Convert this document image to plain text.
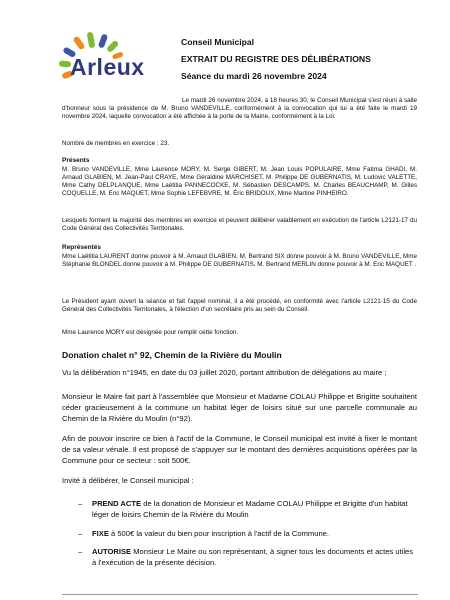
Arleux
Conseil Municipal
EXTRAIT DU REGISTRE DES DÉLIBÉRATIONS
Séance du mardi 26 novembre 2024
Le mardi 26 novembre 2024, à 18 heures 30, le Conseil Municipal s'est réuni à salle d'honneur sous la présidence de M. Bruno VANDEVILLE, conformément à la convocation qui lui a été faite le mardi 19 novembre 2024, laquelle convocation a été affichée à la porte de la Mairie, conformément à la Loi.
Nombre de membres en exercice : 23.
Présents
M. Bruno VANDEVILLE, Mme Laurence MORY, M. Serge GIBERT, M. Jean Louis POPULAIRE, Mme Fatima GHADI, M. Arnaud GLABIEN, M. Jean-Paul CRAYE, Mme Géraldine MARCHISET, M. Philippe DE GUBERNATIS, M. Ludovic VALETTE, Mme Cathy DELPLANQUE, Mme Laëtitia PANNECOCKE, M. Sébastien DESCAMPS, M. Charles BEAUCHAMP, M. Gilles COQUELLE, M. Eric MAQUET, Mme Sophie LEFEBVRE, M. Éric BRIDOUX, Mme Martine PINHEIRO.
Lesquels forment la majorité des membres en exercice et peuvent délibérer valablement en exécution de l'article L2121-17 du Code Général des Collectivités Territoriales.
Représentés
Mme Laëtitia LAURENT donne pouvoir à M. Arnaud GLABIEN, M. Bertrand SIX donne pouvoir à M. Bruno VANDEVILLE, Mme Stéphanie BLONDEL donne pouvoir à M. Philippe DE GUBERNATIS, M. Bertrand MERLIN donne pouvoir à M. Eric MAQUET .
Le Président ayant ouvert la séance et fait l'appel nominal, il a été procédé, en conformité avec l'article L2121-15 du Code Général des Collectivités Territoriales, à l'élection d'un secrétaire pris au sein du Conseil.
Mme Laurence MORY est désignée pour remplir cette fonction.
Donation chalet n° 92, Chemin de la Rivière du Moulin
Vu la délibération n°1945, en date du 03 juillet 2020, portant attribution de délégations au maire ;
Monsieur le Maire fait part à l'assemblée que Monsieur et Madame COLAU Philippe et Brigitte souhaitent céder gracieusement à la commune un habitat léger de loisirs situé sur une parcelle communale au Chemin de la Rivière du Moulin (n°92).
Afin de pouvoir inscrire ce bien à l'actif de la Commune, le Conseil municipal est invité à fixer le montant de sa valeur vénale. Il est proposé de s'appuyer sur le montant des dernières acquisitions opérées par la Commune pour ce secteur : soit 500€.
Invité à délibérer, le Conseil municipal :
–	PREND ACTE de la donation de Monsieur et Madame COLAU Philippe et Brigitte d'un habitat léger de loisirs Chemin de la Rivière du Moulin
–	FIXE à 500€ la valeur du bien pour inscription à l'actif de la Commune.
–	AUTORISE Monsieur Le Maire ou son représentant, à signer tous les documents et actes utiles à l'exécution de la présente décision.
